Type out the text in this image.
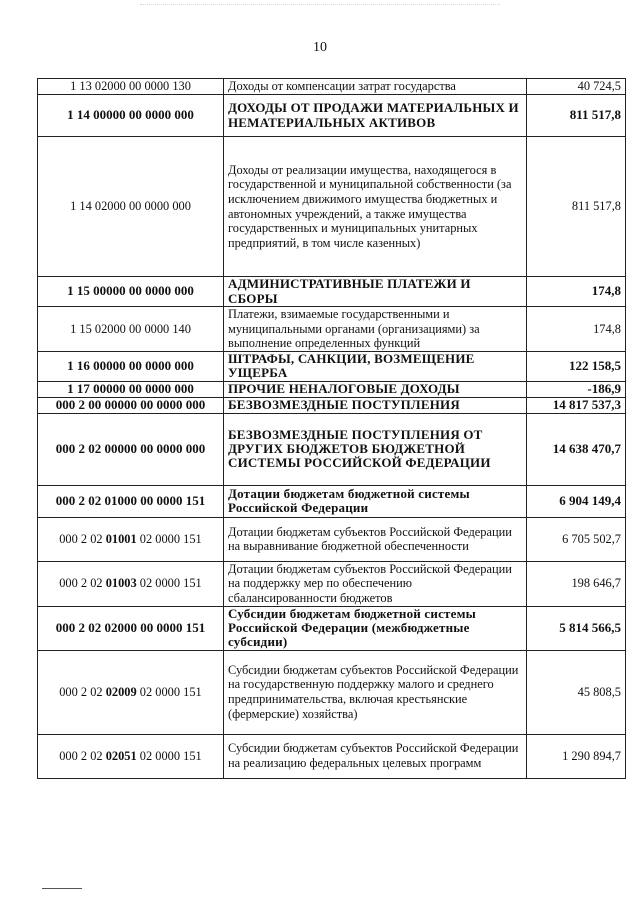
10
1 13 02000 00 0000 130	Доходы от компенсации затрат государства	40 724,5
1 14 00000 00 0000 000	ДОХОДЫ ОТ ПРОДАЖИ МАТЕРИАЛЬНЫХ И НЕМАТЕРИАЛЬНЫХ АКТИВОВ	811 517,8
1 14 02000 00 0000 000	Доходы от реализации имущества, находящегося в государственной и муниципальной собственности (за исключением движимого имущества бюджетных и автономных учреждений, а также имущества государственных и муниципальных унитарных предприятий, в том числе казенных)	811 517,8
1 15 00000 00 0000 000	АДМИНИСТРАТИВНЫЕ ПЛАТЕЖИ И СБОРЫ	174,8
1 15 02000 00 0000 140	Платежи, взимаемые государственными и муниципальными органами (организациями) за выполнение определенных функций	174,8
1 16 00000 00 0000 000	ШТРАФЫ, САНКЦИИ, ВОЗМЕЩЕНИЕ УЩЕРБА	122 158,5
1 17 00000 00 0000 000	ПРОЧИЕ НЕНАЛОГОВЫЕ ДОХОДЫ	-186,9
000 2 00 00000 00 0000 000	БЕЗВОЗМЕЗДНЫЕ ПОСТУПЛЕНИЯ	14 817 537,3
000 2 02 00000 00 0000 000	БЕЗВОЗМЕЗДНЫЕ ПОСТУПЛЕНИЯ ОТ ДРУГИХ БЮДЖЕТОВ БЮДЖЕТНОЙ СИСТЕМЫ РОССИЙСКОЙ ФЕДЕРАЦИИ	14 638 470,7
000 2 02 01000 00 0000 151	Дотации бюджетам бюджетной системы Российской Федерации	6 904 149,4
000 2 02 01001 02 0000 151	Дотации бюджетам субъектов Российской Федерации на выравнивание бюджетной обеспеченности	6 705 502,7
000 2 02 01003 02 0000 151	Дотации бюджетам субъектов Российской Федерации на поддержку мер по обеспечению сбалансированности бюджетов	198 646,7
000 2 02 02000 00 0000 151	Субсидии бюджетам бюджетной системы Российской Федерации (межбюджетные субсидии)	5 814 566,5
000 2 02 02009 02 0000 151	Субсидии бюджетам субъектов Российской Федерации на государственную поддержку малого и среднего предпринимательства, включая крестьянские (фермерские) хозяйства)	45 808,5
000 2 02 02051 02 0000 151	Субсидии бюджетам субъектов Российской Федерации на реализацию федеральных целевых программ	1 290 894,7
